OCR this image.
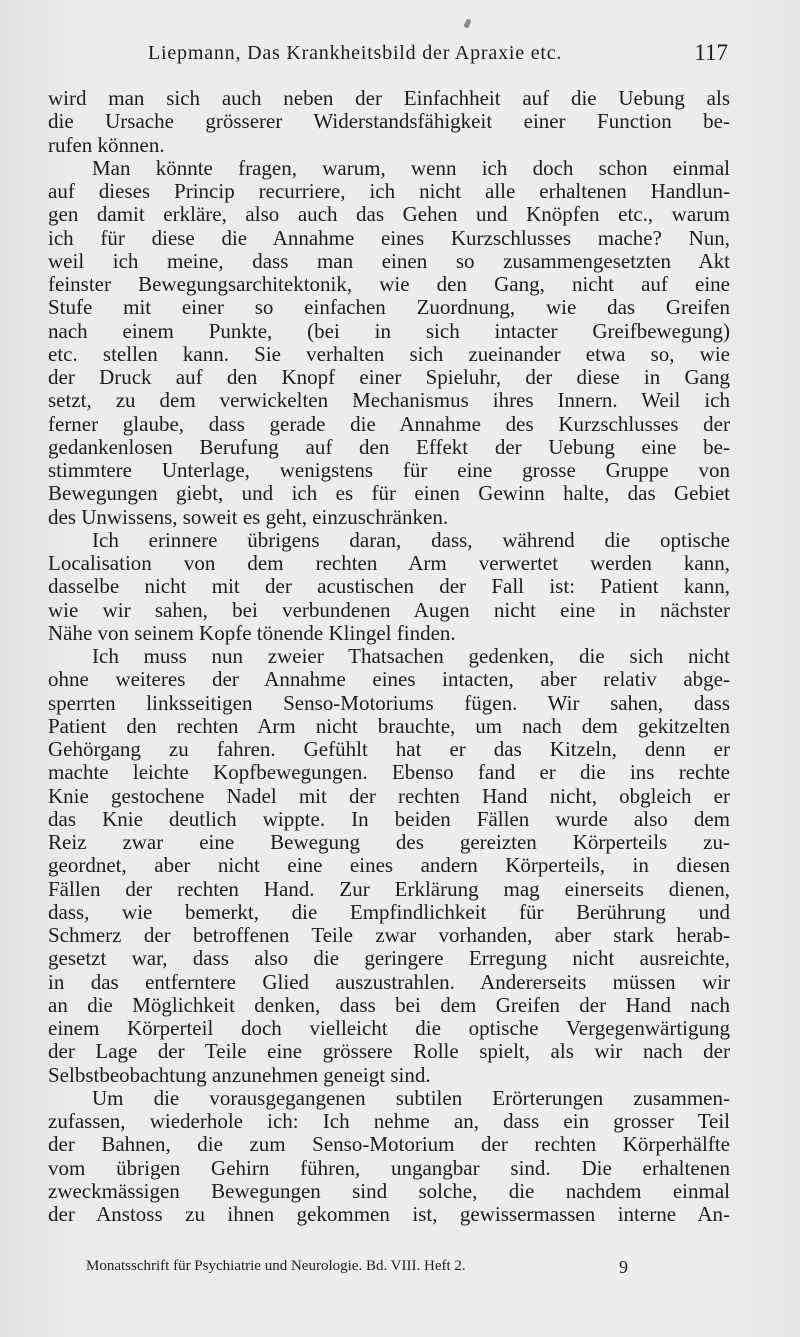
Liepmann, Das Krankheitsbild der Apraxie etc.	117
wird man sich auch neben der Einfachheit auf die Uebung als
die Ursache grösserer Widerstandsfähigkeit einer Function be-
rufen können.
Man könnte fragen, warum, wenn ich doch schon einmal
auf dieses Princip recurriere, ich nicht alle erhaltenen Handlun-
gen damit erkläre, also auch das Gehen und Knöpfen etc., warum
ich für diese die Annahme eines Kurzschlusses mache? Nun,
weil ich meine, dass man einen so zusammengesetzten Akt
feinster Bewegungsarchitektonik, wie den Gang, nicht auf eine
Stufe mit einer so einfachen Zuordnung, wie das Greifen
nach einem Punkte, (bei in sich intacter Greifbewegung)
etc. stellen kann. Sie verhalten sich zueinander etwa so, wie
der Druck auf den Knopf einer Spieluhr, der diese in Gang
setzt, zu dem verwickelten Mechanismus ihres Innern. Weil ich
ferner glaube, dass gerade die Annahme des Kurzschlusses der
gedankenlosen Berufung auf den Effekt der Uebung eine be-
stimmtere Unterlage, wenigstens für eine grosse Gruppe von
Bewegungen giebt, und ich es für einen Gewinn halte, das Gebiet
des Unwissens, soweit es geht, einzuschränken.
Ich erinnere übrigens daran, dass, während die optische
Localisation von dem rechten Arm verwertet werden kann,
dasselbe nicht mit der acustischen der Fall ist: Patient kann,
wie wir sahen, bei verbundenen Augen nicht eine in nächster
Nähe von seinem Kopfe tönende Klingel finden.
Ich muss nun zweier Thatsachen gedenken, die sich nicht
ohne weiteres der Annahme eines intacten, aber relativ abge-
sperrten linksseitigen Senso-Motoriums fügen. Wir sahen, dass
Patient den rechten Arm nicht brauchte, um nach dem gekitzelten
Gehörgang zu fahren. Gefühlt hat er das Kitzeln, denn er
machte leichte Kopfbewegungen. Ebenso fand er die ins rechte
Knie gestochene Nadel mit der rechten Hand nicht, obgleich er
das Knie deutlich wippte. In beiden Fällen wurde also dem
Reiz zwar eine Bewegung des gereizten Körperteils zu-
geordnet, aber nicht eine eines andern Körperteils, in diesen
Fällen der rechten Hand. Zur Erklärung mag einerseits dienen,
dass, wie bemerkt, die Empfindlichkeit für Berührung und
Schmerz der betroffenen Teile zwar vorhanden, aber stark herab-
gesetzt war, dass also die geringere Erregung nicht ausreichte,
in das entferntere Glied auszustrahlen. Andererseits müssen wir
an die Möglichkeit denken, dass bei dem Greifen der Hand nach
einem Körperteil doch vielleicht die optische Vergegenwärtigung
der Lage der Teile eine grössere Rolle spielt, als wir nach der
Selbstbeobachtung anzunehmen geneigt sind.
Um die vorausgegangenen subtilen Erörterungen zusammen-
zufassen, wiederhole ich: Ich nehme an, dass ein grosser Teil
der Bahnen, die zum Senso-Motorium der rechten Körperhälfte
vom übrigen Gehirn führen, ungangbar sind. Die erhaltenen
zweckmässigen Bewegungen sind solche, die nachdem einmal
der Anstoss zu ihnen gekommen ist, gewissermassen interne An-
Monatsschrift für Psychiatrie und Neurologie. Bd. VIII. Heft 2.	9
